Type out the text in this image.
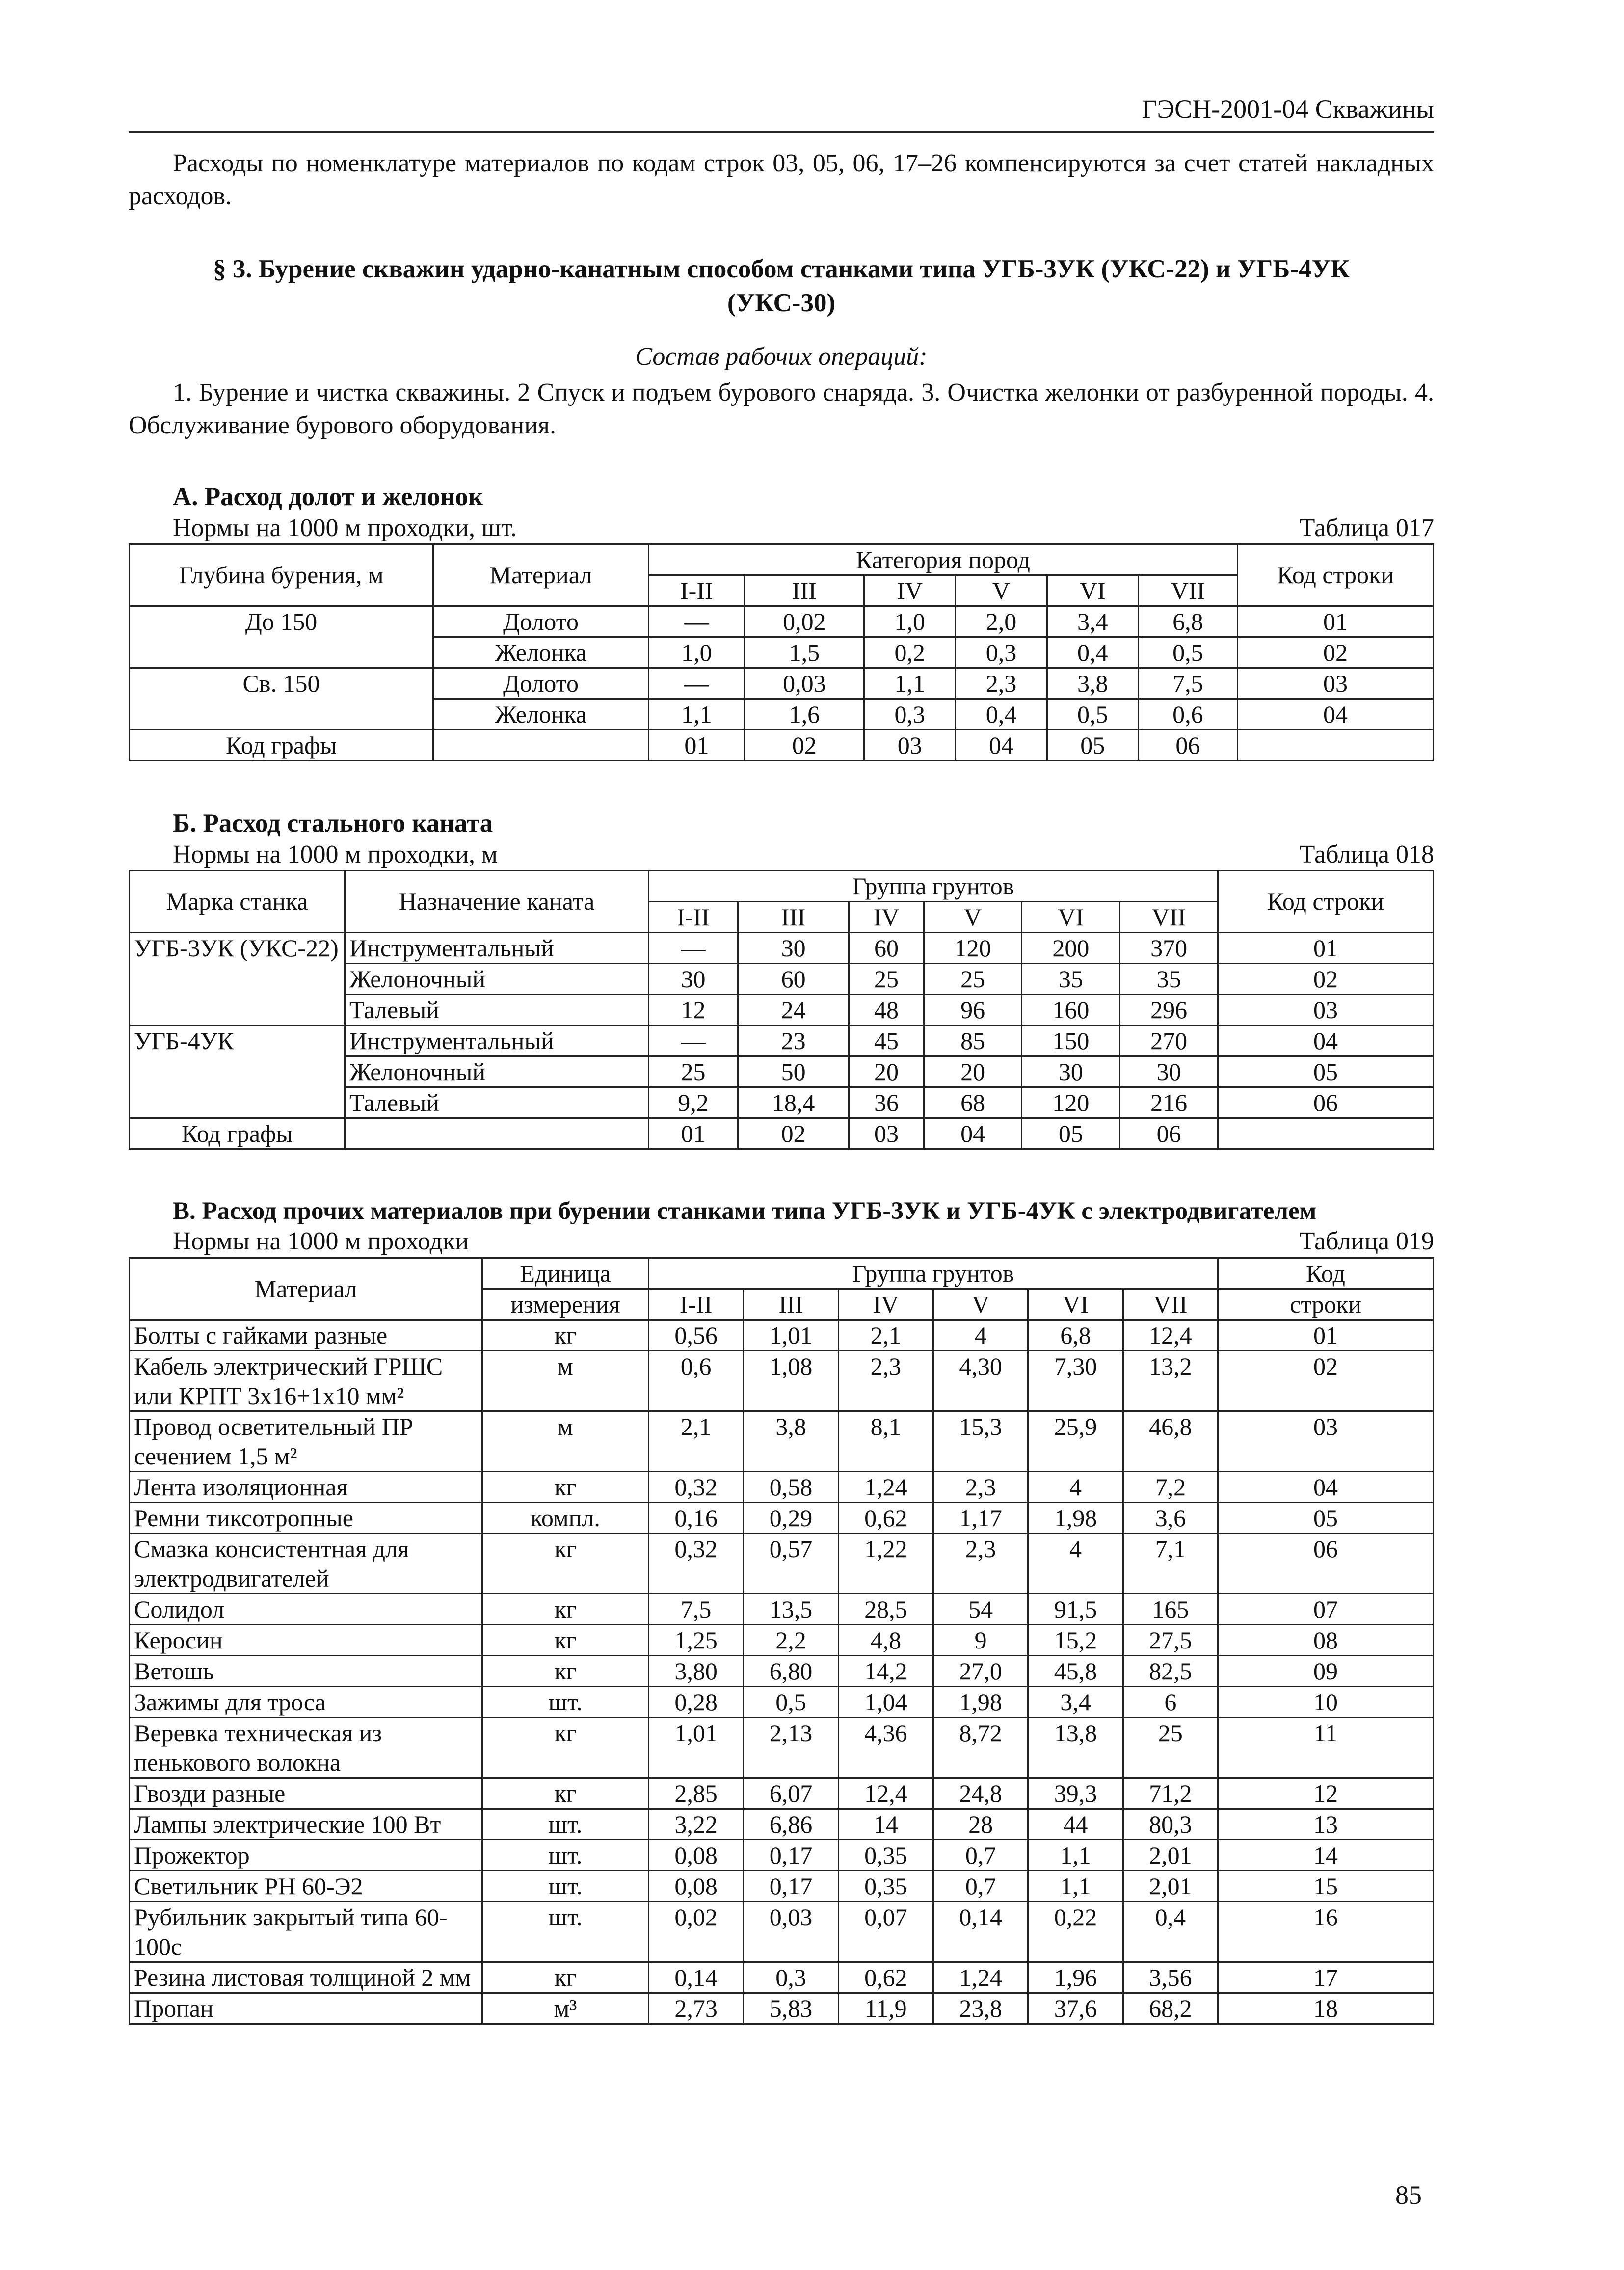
ГЭСН-2001-04 Скважины
Расходы по номенклатуре материалов по кодам строк 03, 05, 06, 17–26 компенсируются за счет статей накладных расходов.
§ 3. Бурение скважин ударно-канатным способом станками типа УГБ-3УК (УКС-22) и УГБ-4УК (УКС-30)
Состав рабочих операций:
1. Бурение и чистка скважины. 2 Спуск и подъем бурового снаряда. 3. Очистка желонки от разбуренной породы. 4. Обслуживание бурового оборудования.
А. Расход долот и желонок
Нормы на 1000 м проходки, шт.	Таблица 017
Глубина бурения, м	Материал	Категория пород						Код строки
		I-II	III	IV	V	VI	VII	
До 150	Долото	—	0,02	1,0	2,0	3,4	6,8	01
	Желонка	1,0	1,5	0,2	0,3	0,4	0,5	02
Св. 150	Долото	—	0,03	1,1	2,3	3,8	7,5	03
	Желонка	1,1	1,6	0,3	0,4	0,5	0,6	04
Код графы		01	02	03	04	05	06	
Б. Расход стального каната
Нормы на 1000 м проходки, м	Таблица 018
Марка станка	Назначение каната	Группа грунтов						Код строки
		I-II	III	IV	V	VI	VII	
УГБ-3УК (УКС-22)	Инструментальный	—	30	60	120	200	370	01
	Желоночный	30	60	25	25	35	35	02
	Талевый	12	24	48	96	160	296	03
УГБ-4УК	Инструментальный	—	23	45	85	150	270	04
	Желоночный	25	50	20	20	30	30	05
	Талевый	9,2	18,4	36	68	120	216	06
Код графы		01	02	03	04	05	06	
В. Расход прочих материалов при бурении станками типа УГБ-3УК и УГБ-4УК с электродвигателем
Нормы на 1000 м проходки	Таблица 019
Материал	Единица	Группа грунтов						Код
	измерения	I-II	III	IV	V	VI	VII	строки
Болты с гайками разные	кг	0,56	1,01	2,1	4	6,8	12,4	01
Кабель электрический ГРШС или КРПТ 3х16+1х10 мм²	м	0,6	1,08	2,3	4,30	7,30	13,2	02
Провод осветительный ПР сечением 1,5 м²	м	2,1	3,8	8,1	15,3	25,9	46,8	03
Лента изоляционная	кг	0,32	0,58	1,24	2,3	4	7,2	04
Ремни тиксотропные	компл.	0,16	0,29	0,62	1,17	1,98	3,6	05
Смазка консистентная для электродвигателей	кг	0,32	0,57	1,22	2,3	4	7,1	06
Солидол	кг	7,5	13,5	28,5	54	91,5	165	07
Керосин	кг	1,25	2,2	4,8	9	15,2	27,5	08
Ветошь	кг	3,80	6,80	14,2	27,0	45,8	82,5	09
Зажимы для троса	шт.	0,28	0,5	1,04	1,98	3,4	6	10
Веревка техническая из пенькового волокна	кг	1,01	2,13	4,36	8,72	13,8	25	11
Гвозди разные	кг	2,85	6,07	12,4	24,8	39,3	71,2	12
Лампы электрические 100 Вт	шт.	3,22	6,86	14	28	44	80,3	13
Прожектор	шт.	0,08	0,17	0,35	0,7	1,1	2,01	14
Светильник РН 60-Э2	шт.	0,08	0,17	0,35	0,7	1,1	2,01	15
Рубильник закрытый типа 60-100с	шт.	0,02	0,03	0,07	0,14	0,22	0,4	16
Резина листовая толщиной 2 мм	кг	0,14	0,3	0,62	1,24	1,96	3,56	17
Пропан	м³	2,73	5,83	11,9	23,8	37,6	68,2	18
85
